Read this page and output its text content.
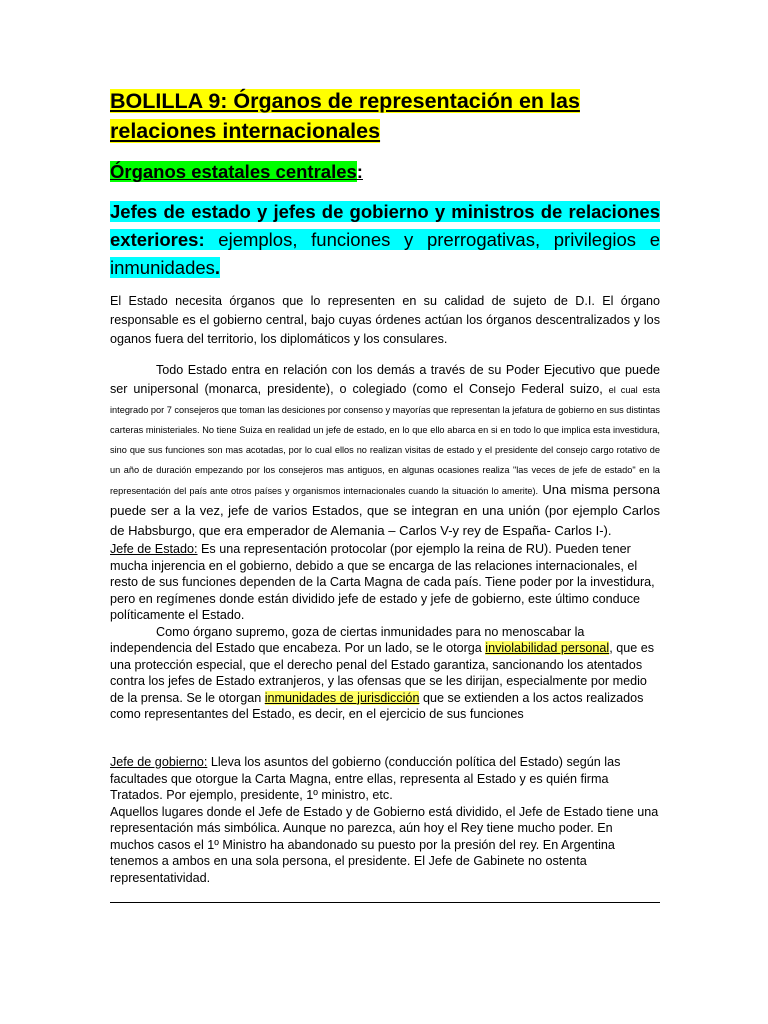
BOLILLA 9: Órganos de representación en las relaciones internacionales
Órganos estatales centrales:
Jefes de estado y jefes de gobierno y ministros de relaciones exteriores: ejemplos, funciones y prerrogativas, privilegios e inmunidades.
El Estado necesita órganos que lo representen en su calidad de sujeto de D.I. El órgano responsable es el gobierno central, bajo cuyas órdenes actúan los órganos descentralizados y los oganos fuera del territorio, los diplomáticos y los consulares.
Todo Estado entra en relación con los demás a través de su Poder Ejecutivo que puede ser unipersonal (monarca, presidente), o colegiado (como el Consejo Federal suizo, el cual esta integrado por 7 consejeros que toman las desiciones por consenso y mayorías que representan la jefatura de gobierno en sus distintas carteras ministeriales. No tiene Suiza en realidad un jefe de estado, en lo que ello abarca en si en todo lo que implica esta investidura, sino que sus funciones son mas acotadas, por lo cual ellos no realizan visitas de estado y el presidente del consejo cargo rotativo de un año de duración empezando por los consejeros mas antiguos, en algunas ocasiones realiza "las veces de jefe de estado" en la representación del país ante otros países y organismos internacionales cuando la situación lo amerite). Una misma persona puede ser a la vez, jefe de varios Estados, que se integran en una unión (por ejemplo Carlos de Habsburgo, que era emperador de Alemania – Carlos V-y rey de España- Carlos I-).
Jefe de Estado: Es una representación protocolar (por ejemplo la reina de RU). Pueden tener mucha injerencia en el gobierno, debido a que se encarga de las relaciones internacionales, el resto de sus funciones dependen de la Carta Magna de cada país. Tiene poder por la investidura, pero en regímenes donde están dividido jefe de estado y jefe de gobierno, este último conduce políticamente el Estado.
Como órgano supremo, goza de ciertas inmunidades para no menoscabar la independencia del Estado que encabeza. Por un lado, se le otorga inviolabilidad personal, que es una protección especial, que el derecho penal del Estado garantiza, sancionando los atentados contra los jefes de Estado extranjeros, y las ofensas que se les dirijan, especialmente por medio de la prensa. Se le otorgan inmunidades de jurisdicción que se extienden a los actos realizados como representantes del Estado, es decir, en el ejercicio de sus funciones
Jefe de gobierno: Lleva los asuntos del gobierno (conducción política del Estado) según las facultades que otorgue la Carta Magna, entre ellas, representa al Estado y es quién firma Tratados. Por ejemplo, presidente, 1º ministro, etc.
Aquellos lugares donde el Jefe de Estado y de Gobierno está dividido, el Jefe de Estado tiene una representación más simbólica. Aunque no parezca, aún hoy el Rey tiene mucho poder. En muchos casos el 1º Ministro ha abandonado su puesto por la presión del rey. En Argentina tenemos a ambos en una sola persona, el presidente. El Jefe de Gabinete no ostenta representatividad.
